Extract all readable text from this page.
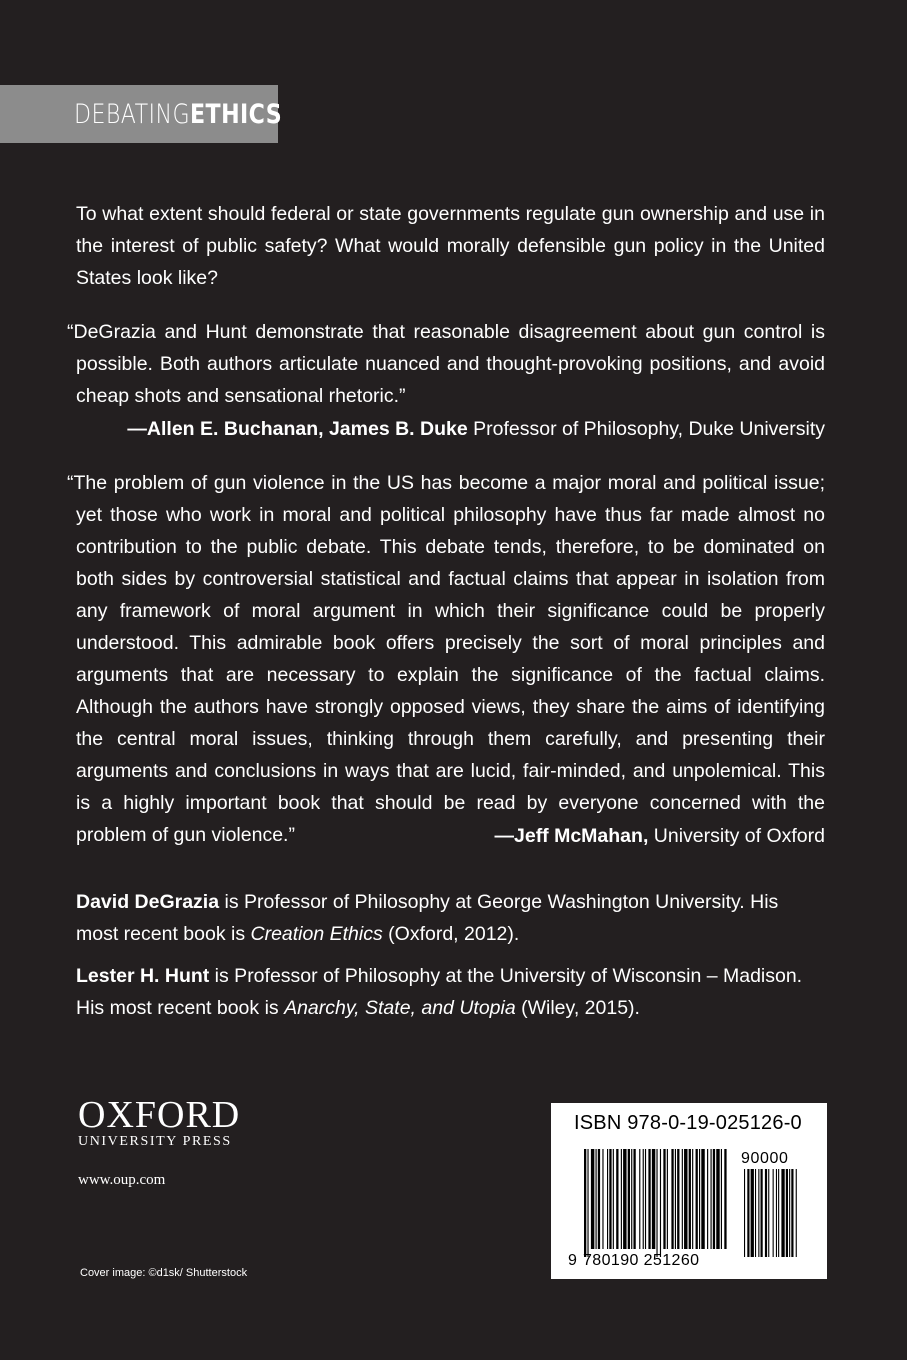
DEBATINGETHICS

To what extent should federal or state governments regulate gun ownership and use in the interest of public safety? What would morally defensible gun policy in the United States look like?

“DeGrazia and Hunt demonstrate that reasonable disagreement about gun control is possible. Both authors articulate nuanced and thought-provoking positions, and avoid cheap shots and sensational rhetoric.”

—Allen E. Buchanan, James B. Duke Professor of Philosophy, Duke University

“The problem of gun violence in the US has become a major moral and political issue; yet those who work in moral and political philosophy have thus far made almost no contribution to the public debate. This debate tends, therefore, to be dominated on both sides by controversial statistical and factual claims that appear in isolation from any framework of moral argument in which their significance could be properly understood. This admirable book offers precisely the sort of moral principles and arguments that are necessary to explain the significance of the factual claims. Although the authors have strongly opposed views, they share the aims of identifying the central moral issues, thinking through them carefully, and presenting their arguments and conclusions in ways that are lucid, fair-minded, and unpolemical. This is a highly important book that should be read by everyone concerned with the problem of gun violence.”	—Jeff McMahan, University of Oxford

David DeGrazia is Professor of Philosophy at George Washington University. His most recent book is Creation Ethics (Oxford, 2012).

Lester H. Hunt is Professor of Philosophy at the University of Wisconsin – Madison. His most recent book is Anarchy, State, and Utopia (Wiley, 2015).

OXFORD
UNIVERSITY PRESS
www.oup.com
Cover image: ©d1sk/ Shutterstock
ISBN 978-0-19-025126-0
9 780190 251260
90000
